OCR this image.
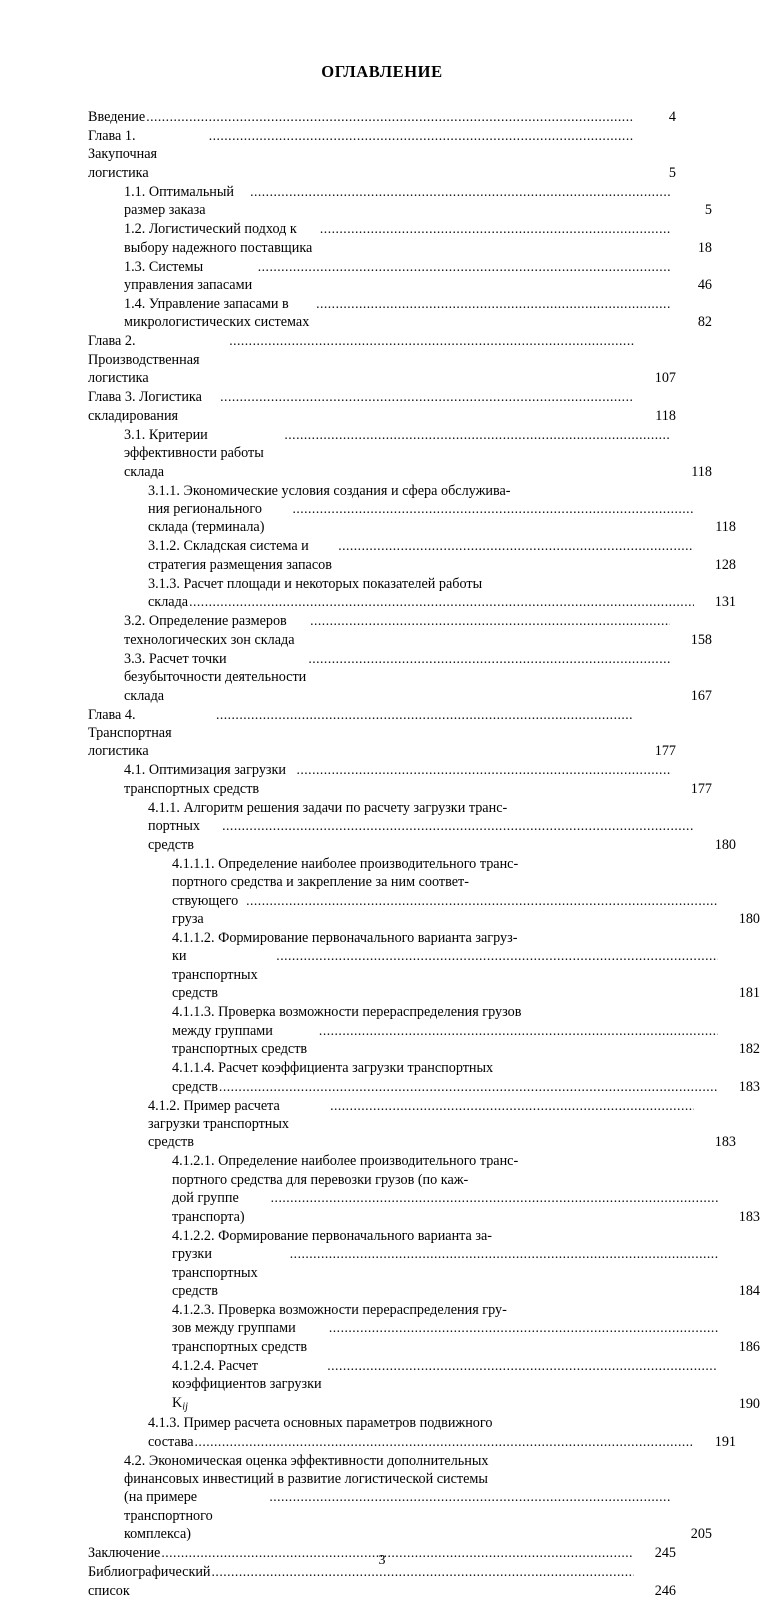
ОГЛАВЛЕНИЕ
Введение .....	4
Глава 1. Закупочная логистика
.....	5
1.1. Оптимальный размер заказа
.....	5
1.2. Логистический подход к выбору надежного поставщика
.....	18
1.3. Системы управления запасами
.....	46
1.4. Управление запасами в микрологистических системах
.....	82
Глава 2. Производственная логистика
.....	107
Глава 3. Логистика складирования
.....	118
3.1. Критерии эффективности работы склада
.....	118
3.1.1. Экономические условия создания и сфера обслужива-
ния регионального склада (терминала)
.....	118
3.1.2. Складская система и стратегия размещения запасов
.....	128
3.1.3. Расчет площади и некоторых показателей работы
склада .....	131
3.2. Определение размеров технологических зон склада
.....	158
3.3. Расчет точки безубыточности деятельности склада
.....	167
Глава 4. Транспортная логистика
.....	177
4.1. Оптимизация загрузки транспортных средств
.....	177
4.1.1. Алгоритм решения задачи по расчету загрузки транс-
портных средств
.....	180
4.1.1.1. Определение наиболее производительного транс-
портного средства и закрепление за ним соответ-
ствующего груза
.....	180
4.1.1.2. Формирование первоначального варианта загруз-
ки транспортных средств
.....	181
4.1.1.3. Проверка возможности перераспределения грузов
между группами транспортных средств
.....	182
4.1.1.4. Расчет коэффициента загрузки транспортных
средств .....	183
4.1.2. Пример расчета загрузки транспортных средств
.....	183
4.1.2.1. Определение наиболее производительного транс-
портного средства для перевозки грузов (по каж-
дой группе транспорта)
.....	183
4.1.2.2. Формирование первоначального варианта за-
грузки транспортных средств
.....	184
4.1.2.3. Проверка возможности перераспределения гру-
зов между группами транспортных средств
.....	186
4.1.2.4. Расчет коэффициентов загрузки $K_{ij}$
.....	190
4.1.3. Пример расчета основных параметров подвижного
состава .....	191
4.2. Экономическая оценка эффективности дополнительных
финансовых инвестиций в развитие логистической системы
(на примере транспортного комплекса)
.....	205
Заключение .....	245
Библиографический  список
.....	246
3
